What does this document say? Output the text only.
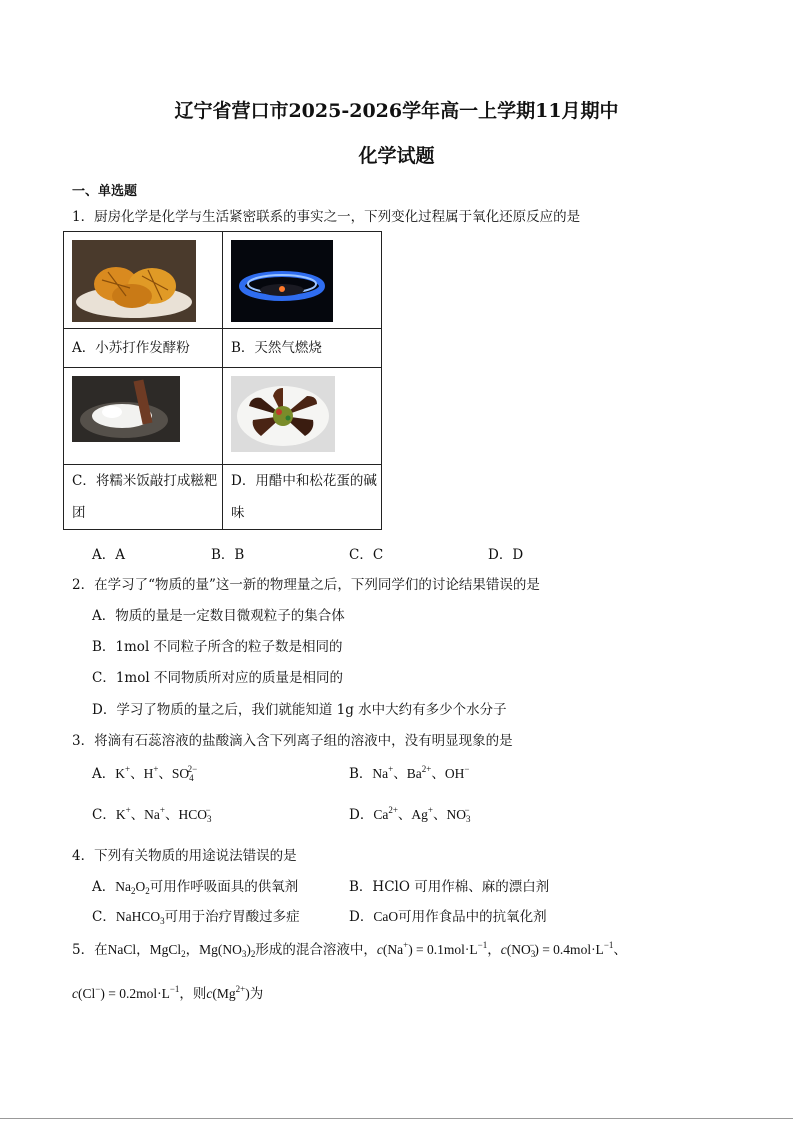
辽宁省营口市2025-2026学年高一上学期11月期中
化学试题
一、单选题
1．厨房化学是化学与生活紧密联系的事实之一，下列变化过程属于氧化还原反应的是

A．小苏打作发酵粉	B．天然气燃烧

C．将糯米饭敲打成糍粑团	D．用醋中和松花蛋的碱味
A．A	B．B	C．C	D．D
2．在学习了“物质的量”这一新的物理量之后，下列同学们的讨论结果错误的是
A．物质的量是一定数目微观粒子的集合体
B．1mol 不同粒子所含的粒子数是相同的
C．1mol 不同物质所对应的质量是相同的
D．学习了物质的量之后，我们就能知道 1g 水中大约有多少个水分子
3．将滴有石蕊溶液的盐酸滴入含下列离子组的溶液中，没有明显现象的是
A．K+、H+、$SO_4^{2-}$	B．Na+、$Ba^{2+}$、OH−
C．K+、Na+、$HCO_3^-$	D．$Ca^{2+}$、Ag+、$NO_3^-$
4．下列有关物质的用途说法错误的是
A．$Na_2O_2$可用作呼吸面具的供氧剂	B．HClO 可用作棉、麻的漂白剂
C．NaHCO$_3$可用于治疗胃酸过多症	D．CaO可用作食品中的抗氧化剂
5．在NaCl，MgCl$_2$，$Mg(NO_3)_2$形成的混合溶液中，$c(Na^+) = 0.1mol\cdot L^{-1}$，$c(NO_3^-) = 0.4mol\cdot L^{-1}$、
$c(Cl^-) = 0.2mol\cdot L^{-1}$，则$c(Mg^{2+})$为
